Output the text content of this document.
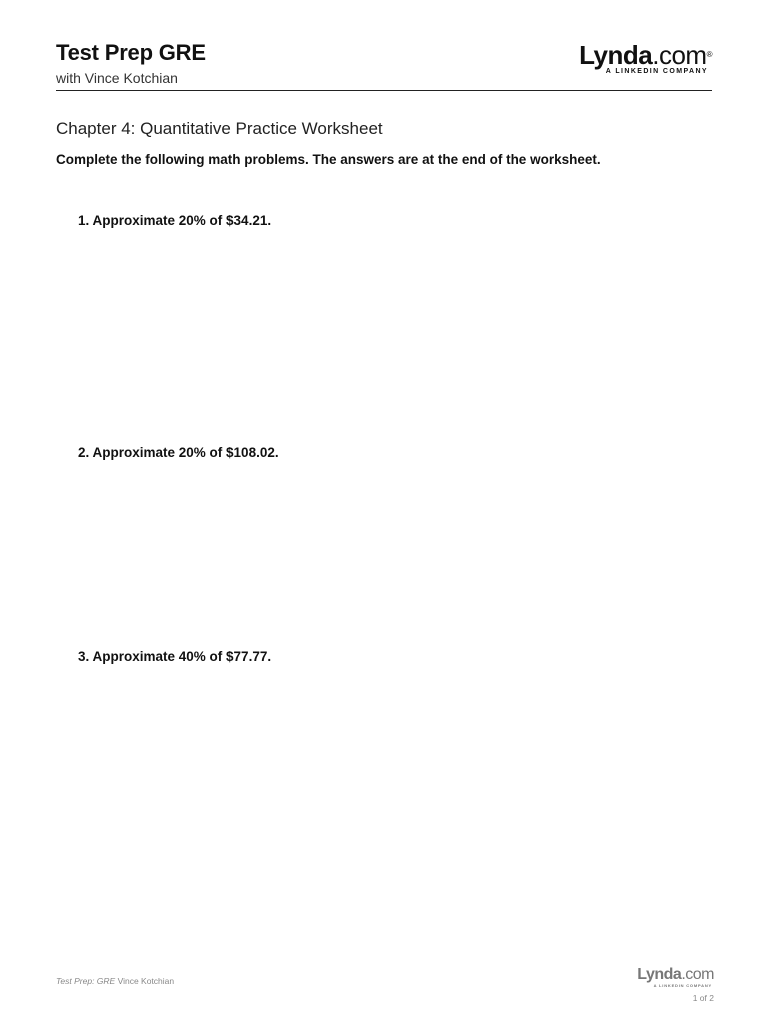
Test Prep GRE
with Vince Kotchian
Lynda.com®
A LINKEDIN COMPANY
Chapter 4: Quantitative Practice Worksheet
Complete the following math problems. The answers are at the end of the worksheet.
1. Approximate 20% of $34.21.
2. Approximate 20% of $108.02.
3. Approximate 40% of $77.77.
Test Prep: GRE Vince Kotchian	Lynda.com
A LINKEDIN COMPANY
1 of 2
